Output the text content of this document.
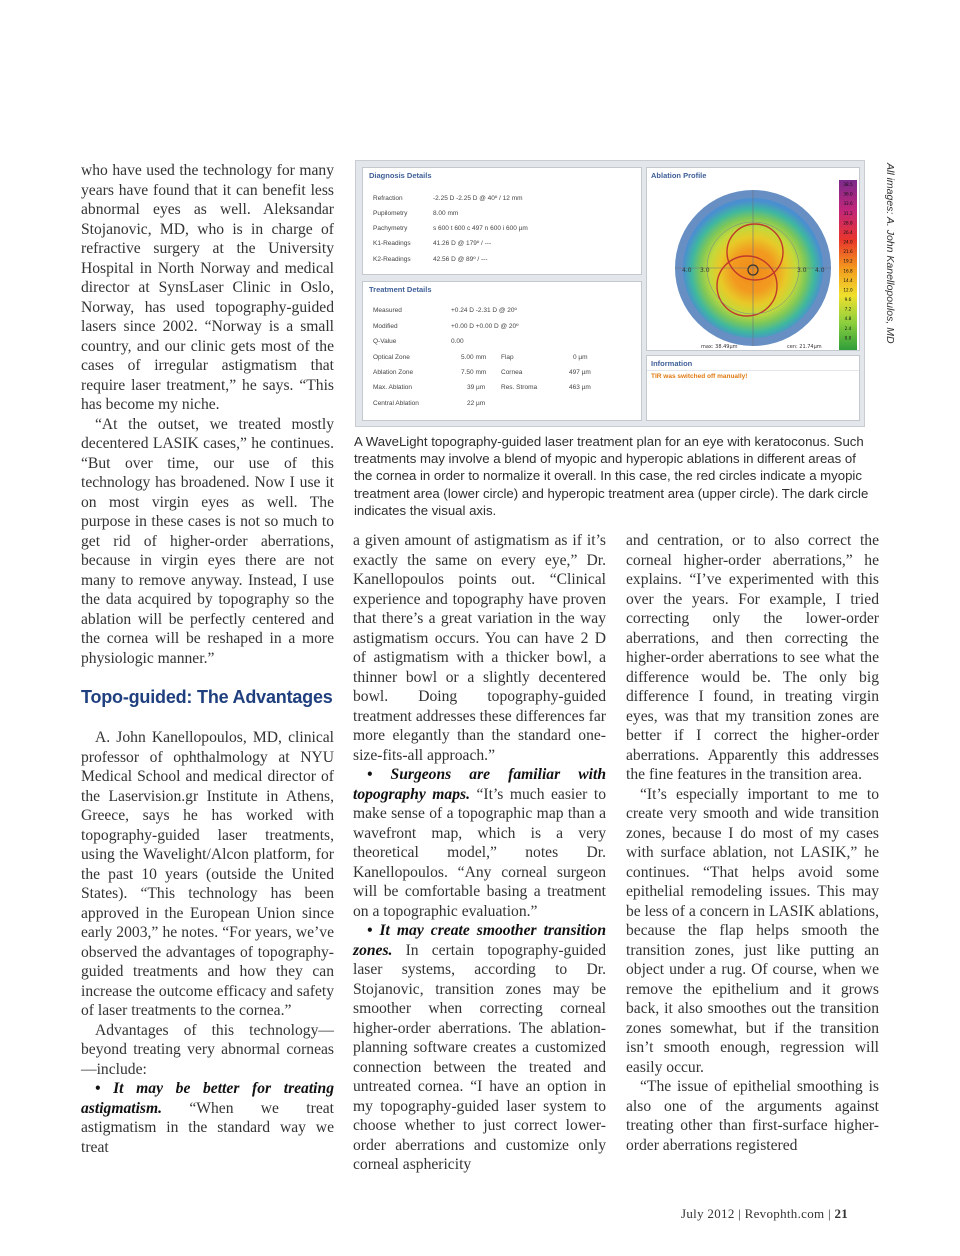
Diagnosis Details
Refraction	-2.25 D -2.25 D @ 40º / 12 mm
Pupilometry	8.00 mm
Pachymetry	s 600 t 600 c 497 n 600 i 600 µm
K1-Readings	41.26 D @ 179º / ---
K2-Readings	42.56 D @ 89º / ---
Treatment Details
Measured	+0.24 D -2.31 D @ 20º
Modified	+0.00 D +0.00 D @ 20º
Q-Value	0.00
Optical Zone	5.00 mm Flap	0 µm
Ablation Zone	7.50 mm Cornea	497 µm
Max. Ablation	39 µm Res. Stroma	463 µm
Central Ablation	22 µm
Ablation Profile
4.0 3.0	3.0 4.0
max: 38.49µm	cen: 21.74µm
38.5
36.0
33.6
31.2
28.8
26.4
24.0
21.6
19.2
16.8
14.4
12.0
9.6
7.2
4.8
2.4
0.0
Information
TIR was switched off manually!
All images: A. John Kanellopoulos, MD
A WaveLight topography-guided laser treatment plan for an eye with keratoconus. Such treatments may involve a blend of myopic and hyperopic ablations in different areas of the cornea in order to normalize it overall. In this case, the red circles indicate a myopic treatment area (lower circle) and hyperopic treatment area (upper circle). The dark circle indicates the visual axis.

who have used the technology for many years have found that it can benefit less abnormal eyes as well. Aleksandar Stojanovic, MD, who is in charge of refractive surgery at the University Hospital in North Norway and medical director at SynsLaser Clinic in Oslo, Norway, has used topography-guided lasers since 2002. “Norway is a small country, and our clinic gets most of the cases of irregular astigmatism that require laser treatment,” he says. “This has become my niche.

“At the outset, we treated mostly decentered LASIK cases,” he continues. “But over time, our use of this technology has broadened. Now I use it on most virgin eyes as well. The purpose in these cases is not so much to get rid of higher-order aberrations, because in virgin eyes there are not many to remove anyway. Instead, I use the data acquired by topography so the ablation will be perfectly centered and the cornea will be reshaped in a more physiologic manner.”

Topo-guided: The Advantages

A. John Kanellopoulos, MD, clinical professor of ophthalmology at NYU Medical School and medical director of the Laservision.gr Institute in Athens, Greece, says he has worked with topography-guided laser treatments, using the Wavelight/Alcon platform, for the past 10 years (outside the United States). “This technology has been approved in the European Union since early 2003,” he notes. “For years, we’ve observed the advantages of topography-guided treatments and how they can increase the outcome efficacy and safety of laser treatments to the cornea.”

Advantages of this technology—beyond treating very abnormal corneas—include:

• It may be better for treating astigmatism. “When we treat astigmatism in the standard way we treat

a given amount of astigmatism as if it’s exactly the same on every eye,” Dr. Kanellopoulos points out. “Clinical experience and topography have proven that there’s a great variation in the way astigmatism occurs. You can have 2 D of astigmatism with a thicker bowl, a thinner bowl or a slightly decentered bowl. Doing topography-guided treatment addresses these differences far more elegantly than the standard one-size-fits-all approach.”

• Surgeons are familiar with topography maps. “It’s much easier to make sense of a topographic map than a wavefront map, which is a very theoretical model,” notes Dr. Kanellopoulos. “Any corneal surgeon will be comfortable basing a treatment on a topographic evaluation.”

• It may create smoother transition zones. In certain topography-guided laser systems, according to Dr. Stojanovic, transition zones may be smoother when correcting corneal higher-order aberrations. The ablation-planning software creates a customized connection between the treated and untreated cornea. “I have an option in my topography-guided laser system to choose whether to just correct lower-order aberrations and customize only corneal asphericity

and centration, or to also correct the corneal higher-order aberrations,” he explains. “I’ve experimented with this over the years. For example, I tried correcting only the lower-order aberrations, and then correcting the higher-order aberrations to see what the difference would be. The only big difference I found, in treating virgin eyes, was that my transition zones are better if I correct the higher-order aberrations. Apparently this addresses the fine features in the transition area.

“It’s especially important to me to create very smooth and wide transition zones, because I do most of my cases with surface ablation, not LASIK,” he continues. “That helps avoid some epithelial remodeling issues. This may be less of a concern in LASIK ablations, because the flap helps smooth the transition zones, just like putting an object under a rug. Of course, when we remove the epithelium and it grows back, it also smoothes out the transition zones somewhat, but if the transition isn’t smooth enough, regression will easily occur.

“The issue of epithelial smoothing is also one of the arguments against treating other than first-surface higher-order aberrations registered

July 2012 | Revophth.com | 21
